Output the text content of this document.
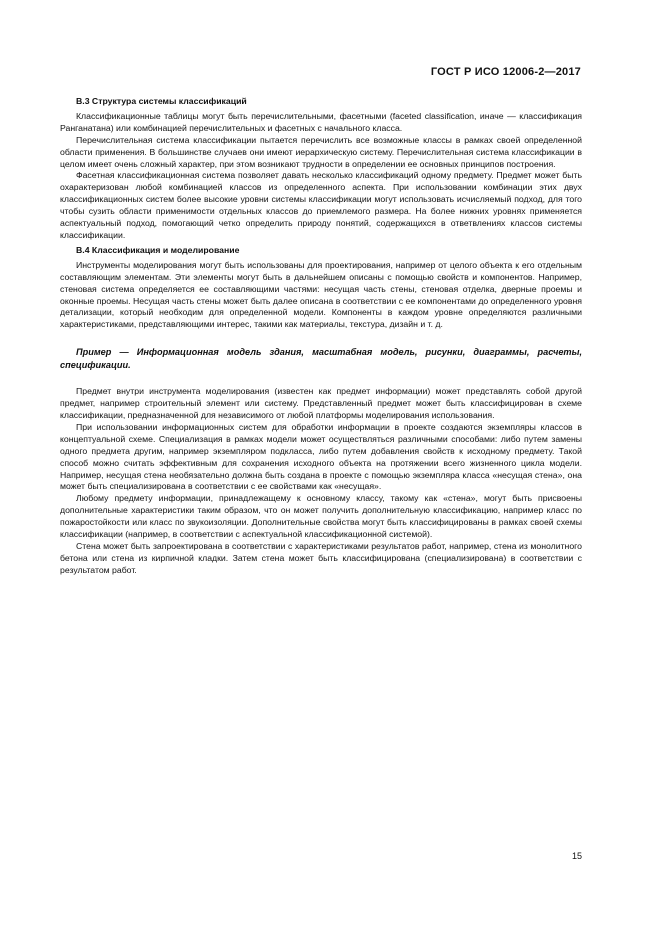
ГОСТ Р ИСО 12006-2—2017
В.3 Структура системы классификаций

Классификационные таблицы могут быть перечислительными, фасетными (faceted classification, иначе — классификация Ранганатана) или комбинацией перечислительных и фасетных с начального класса.

Перечислительная система классификации пытается перечислить все возможные классы в рамках своей определенной области применения. В большинстве случаев они имеют иерархическую систему. Перечислительная система классификации в целом имеет очень сложный характер, при этом возникают трудности в определении ее основных принципов построения.

Фасетная классификационная система позволяет давать несколько классификаций одному предмету. Предмет может быть охарактеризован любой комбинацией классов из определенного аспекта. При использовании комбинации этих двух классификационных систем более высокие уровни системы классификации могут использовать исчисляемый подход, для того чтобы сузить области применимости отдельных классов до приемлемого размера. На более нижних уровнях применяется аспектуальный подход, помогающий четко определить природу понятий, содержащихся в ответвлениях классов системы классификации.

В.4 Классификация и моделирование

Инструменты моделирования могут быть использованы для проектирования, например от целого объекта к его отдельным составляющим элементам. Эти элементы могут быть в дальнейшем описаны с помощью свойств и компонентов. Например, стеновая система определяется ее составляющими частями: несущая часть стены, стеновая отделка, дверные проемы и оконные проемы. Несущая часть стены может быть далее описана в соответствии с ее компонентами до определенного уровня детализации, который необходим для определенной модели. Компоненты в каждом уровне определяются различными характеристиками, представляющими интерес, такими как материалы, текстура, дизайн и т. д.

Пример — Информационная модель здания, масштабная модель, рисунки, диаграммы, расчеты, спецификации.

Предмет внутри инструмента моделирования (известен как предмет информации) может представлять собой другой предмет, например строительный элемент или систему. Представленный предмет может быть классифицирован в схеме классификации, предназначенной для независимого от любой платформы моделирования использования.

При использовании информационных систем для обработки информации в проекте создаются экземпляры классов в концептуальной схеме. Специализация в рамках модели может осуществляться различными способами: либо путем замены одного предмета другим, например экземпляром подкласса, либо путем добавления свойств к исходному предмету. Такой способ можно считать эффективным для сохранения исходного объекта на протяжении всего жизненного цикла модели. Например, несущая стена необязательно должна быть создана в проекте с помощью экземпляра класса «несущая стена», она может быть специализирована в соответствии с ее свойствами как «несущая».

Любому предмету информации, принадлежащему к основному классу, такому как «стена», могут быть присвоены дополнительные характеристики таким образом, что он может получить дополнительную классификацию, например класс по пожаростойкости или класс по звукоизоляции. Дополнительные свойства могут быть классифицированы в рамках своей схемы классификации (например, в соответствии с аспектуальной классификационной системой).

Стена может быть запроектирована в соответствии с характеристиками результатов работ, например, стена из монолитного бетона или стена из кирпичной кладки. Затем стена может быть классифицирована (специализирована) в соответствии с результатом работ.

15
